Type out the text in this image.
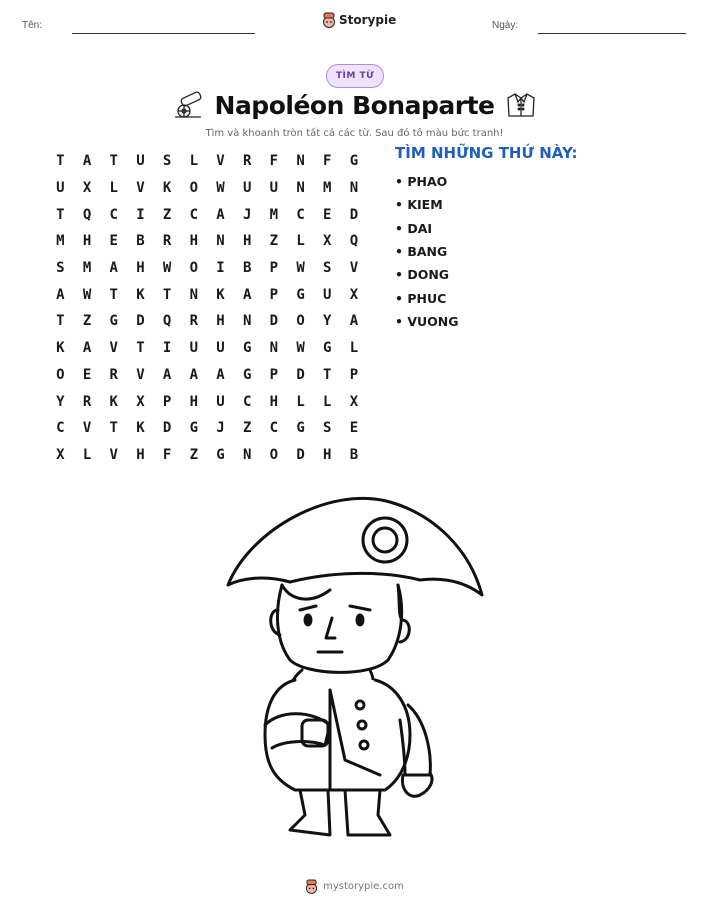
Tên:	Storypie	Ngày:
TÌM TỪ
Napoléon Bonaparte
Tìm và khoanh tròn tất cả các từ. Sau đó tô màu bức tranh!
T	A	T	U	S	L	V	R	F	N	F	G
U	X	L	V	K	O	W	U	U	N	M	N
T	Q	C	I	Z	C	A	J	M	C	E	D
M	H	E	B	R	H	N	H	Z	L	X	Q
S	M	A	H	W	O	I	B	P	W	S	V
A	W	T	K	T	N	K	A	P	G	U	X
T	Z	G	D	Q	R	H	N	D	O	Y	A
K	A	V	T	I	U	U	G	N	W	G	L
O	E	R	V	A	A	A	G	P	D	T	P
Y	R	K	X	P	H	U	C	H	L	L	X
C	V	T	K	D	G	J	Z	C	G	S	E
X	L	V	H	F	Z	G	N	O	D	H	B
TÌM NHỮNG THỨ NÀY:
• PHAO
• KIEM
• DAI
• BANG
• DONG
• PHUC
• VUONG
mystorypie.com
